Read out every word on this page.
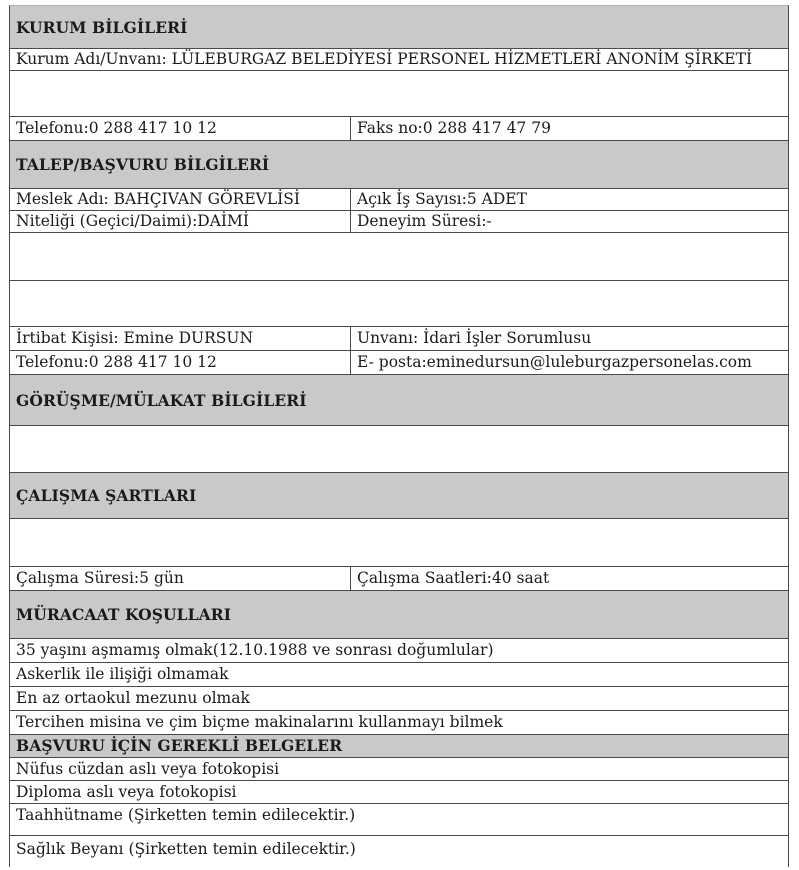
KURUM BİLGİLERİ
Kurum Adı/Unvanı: LÜLEBURGAZ BELEDİYESİ PERSONEL HİZMETLERİ ANONİM ŞİRKETİ

Telefonu:0 288 417 10 12	Faks no:0 288 417 47 79
TALEP/BAŞVURU BİLGİLERİ
Meslek Adı: BAHÇIVAN GÖREVLİSİ	Açık İş Sayısı:5 ADET
Niteliği (Geçici/Daimi):DAİMİ	Deneyim Süresi:-

İrtibat Kişisi: Emine DURSUN	Unvanı: İdari İşler Sorumlusu
Telefonu:0 288 417 10 12	E- posta:eminedursun@luleburgazpersonelas.com
GÖRÜŞME/MÜLAKAT BİLGİLERİ

ÇALIŞMA ŞARTLARI

Çalışma Süresi:5 gün	Çalışma Saatleri:40 saat
MÜRACAAT KOŞULLARI
35 yaşını aşmamış olmak(12.10.1988 ve sonrası doğumlular)
Askerlik ile ilişiği olmamak
En az ortaokul mezunu olmak
Tercihen misina ve çim biçme makinalarını kullanmayı bilmek
BAŞVURU İÇİN GEREKLİ BELGELER
Nüfus cüzdan aslı veya fotokopisi
Diploma aslı veya fotokopisi
Taahhütname (Şirketten temin edilecektir.)
Sağlık Beyanı (Şirketten temin edilecektir.)
